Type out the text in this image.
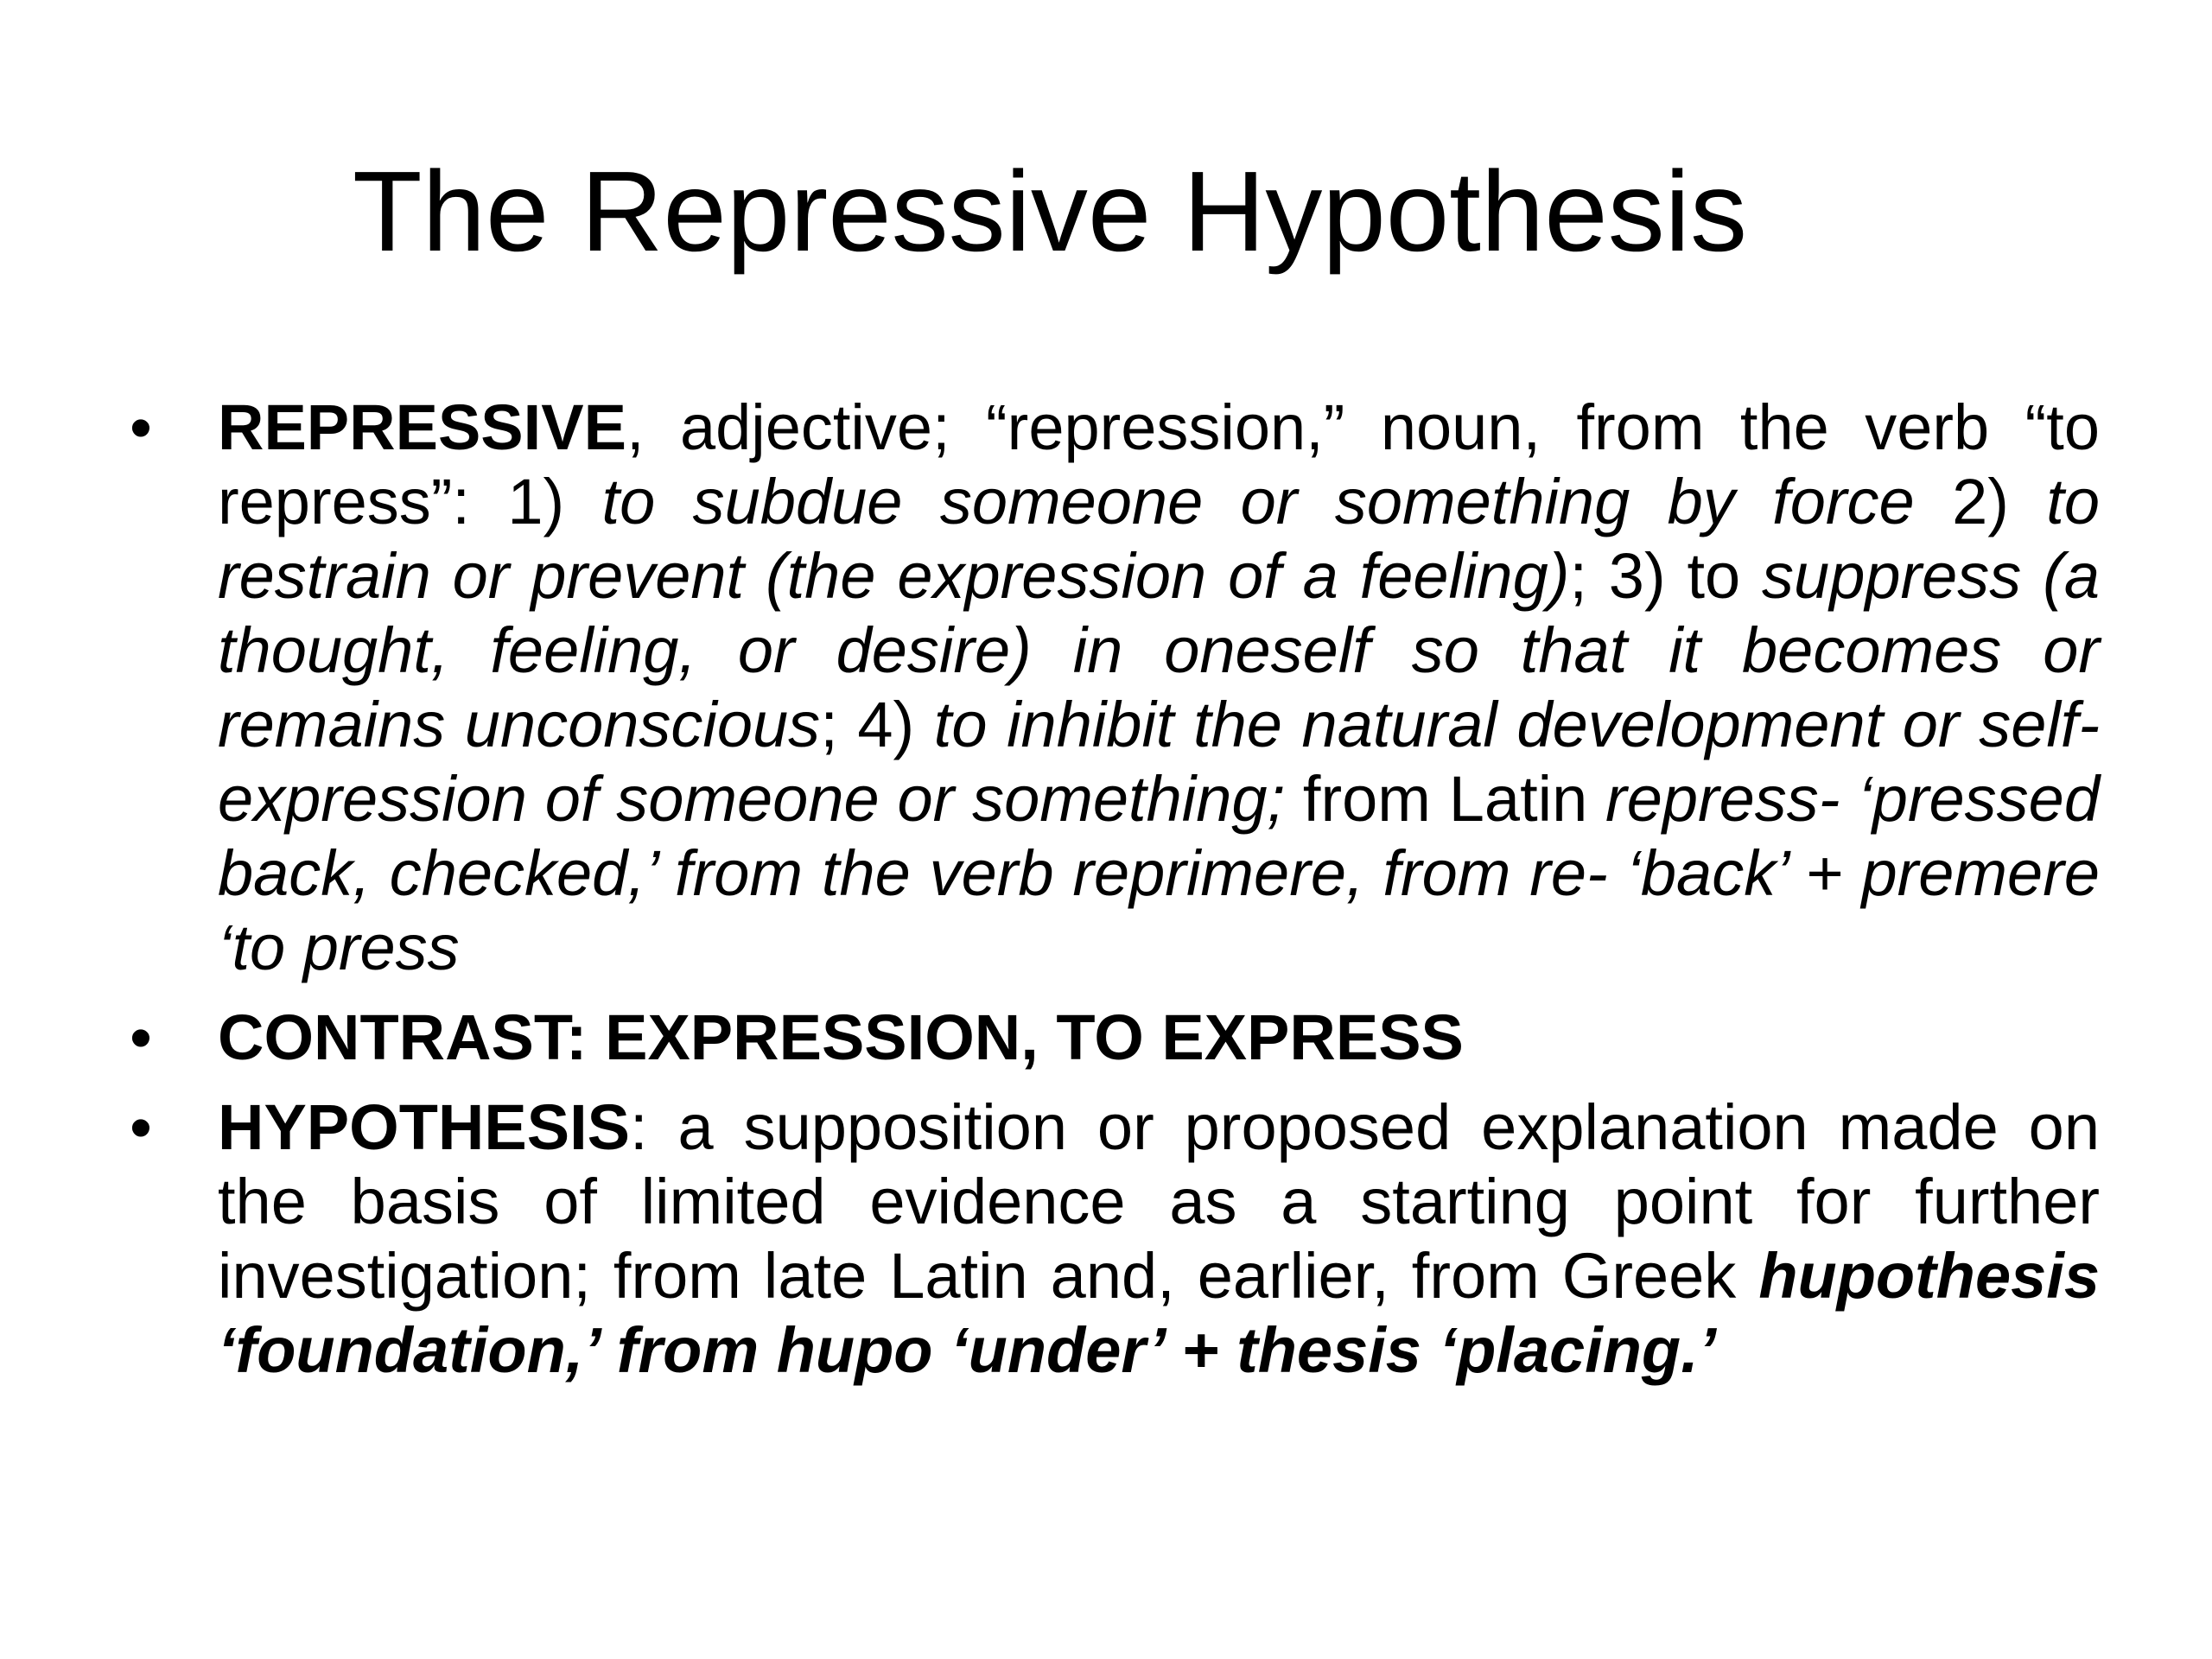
The Repressive Hypothesis
• REPRESSIVE, adjective; “repression,” noun, from the verb “to repress”: 1) to subdue someone or something by force 2) to restrain or prevent (the expression of a feeling); 3) to suppress (a thought, feeling, or desire) in oneself so that it becomes or remains unconscious; 4) to inhibit the natural development or self-expression of someone or something; from Latin repress- ‘pressed back, checked,’ from the verb reprimere, from re- ‘back’ + premere ‘to press
• CONTRAST: EXPRESSION, TO EXPRESS
• HYPOTHESIS: a supposition or proposed explanation made on the basis of limited evidence as a starting point for further investigation; from late Latin and, earlier, from Greek hupothesis ‘foundation,’ from hupo ‘under’ + thesis ‘placing.’
